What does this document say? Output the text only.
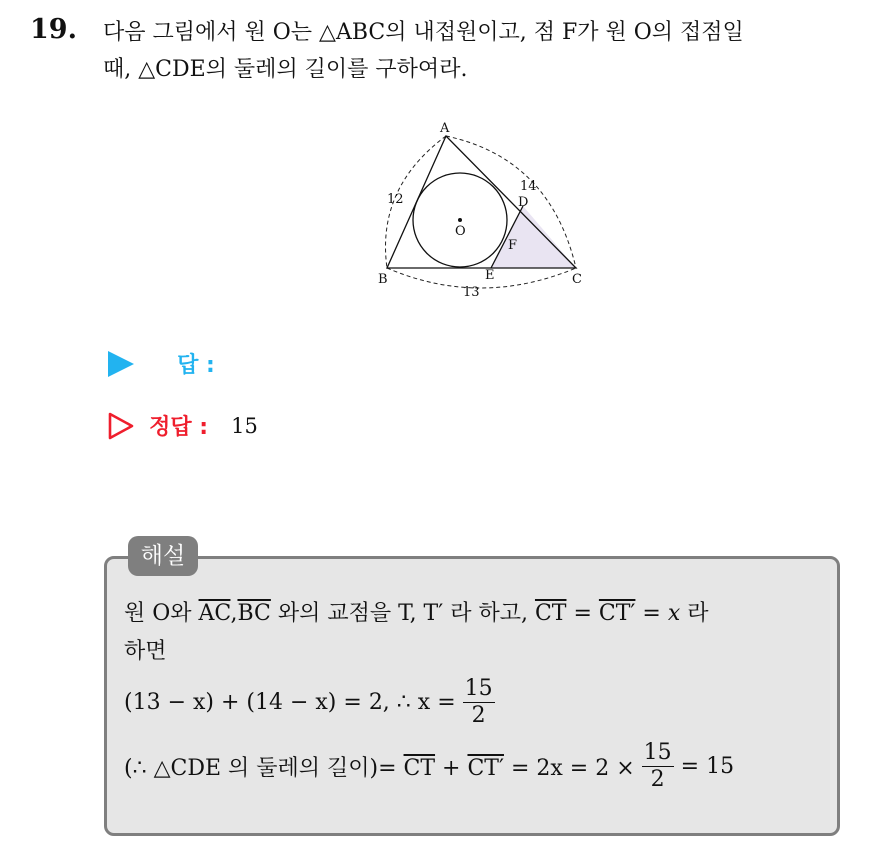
19. 다음 그림에서 원 O는 △ABC의 내접원이고, 점 F가 원 O의 접점일
때, △CDE의 둘레의 길이를 구하여라.
A
B	C
D
E
F
O
12
14
13
답 :
정답 : 15
해설
원 O와 $\overline{AC},\overline{BC}$ 와의 교점을 T, T′ 라 하고, $\overline{CT} = CT' = x$ 라
하면
(13 − x) + (14 − x) = 2, ∴ $x = \frac{15}{2}$
(∴ △CDE 의 둘레의 길이)= $\overline{CT} + CT' = 2x = 2 \times \frac{15}{2} = 15$
